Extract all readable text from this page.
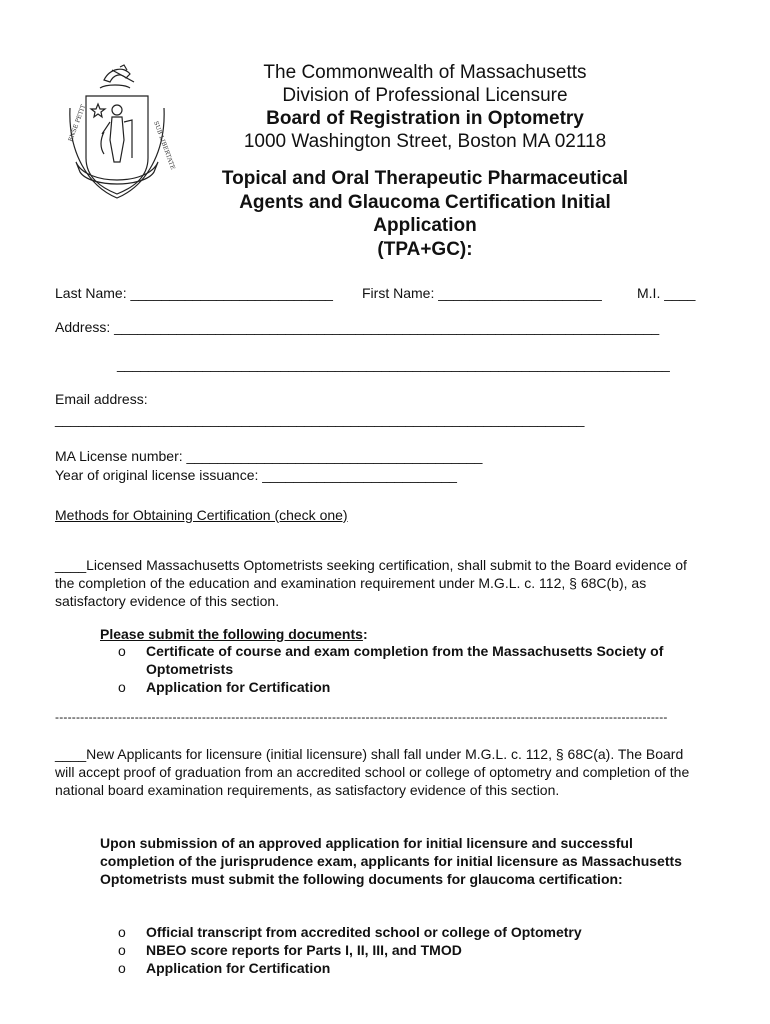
ENSE PETIT	SUB LIBERTATE
The Commonwealth of Massachusetts
Division of Professional Licensure
Board of Registration in Optometry
1000 Washington Street, Boston MA 02118
Topical and Oral Therapeutic Pharmaceutical
Agents and Glaucoma Certification Initial
Application
(TPA+GC):
Last Name: __________________________ First Name: _____________________	M.I. ____
Address: ______________________________________________________________________
_______________________________________________________________________
Email address:
____________________________________________________________________
MA License number: ______________________________________
Year of original license issuance: _________________________
Methods for Obtaining Certification (check one)
____Licensed Massachusetts Optometrists seeking certification, shall submit to the Board evidence of the completion of the education and examination requirement under M.G.L. c. 112, § 68C(b), as satisfactory evidence of this section.
Please submit the following documents:
o	Certificate of course and exam completion from the Massachusetts Society of Optometrists
o	Application for Certification
--------------------------------------------------------------------------------------------------------------------------------------------------
____New Applicants for licensure (initial licensure) shall fall under M.G.L. c. 112, § 68C(a). The Board will accept proof of graduation from an accredited school or college of optometry and completion of the national board examination requirements, as satisfactory evidence of this section.
Upon submission of an approved application for initial licensure and successful completion of the jurisprudence exam, applicants for initial licensure as Massachusetts Optometrists must submit the following documents for glaucoma certification:
o	Official transcript from accredited school or college of Optometry
o	NBEO score reports for Parts I, II, III, and TMOD
o	Application for Certification
